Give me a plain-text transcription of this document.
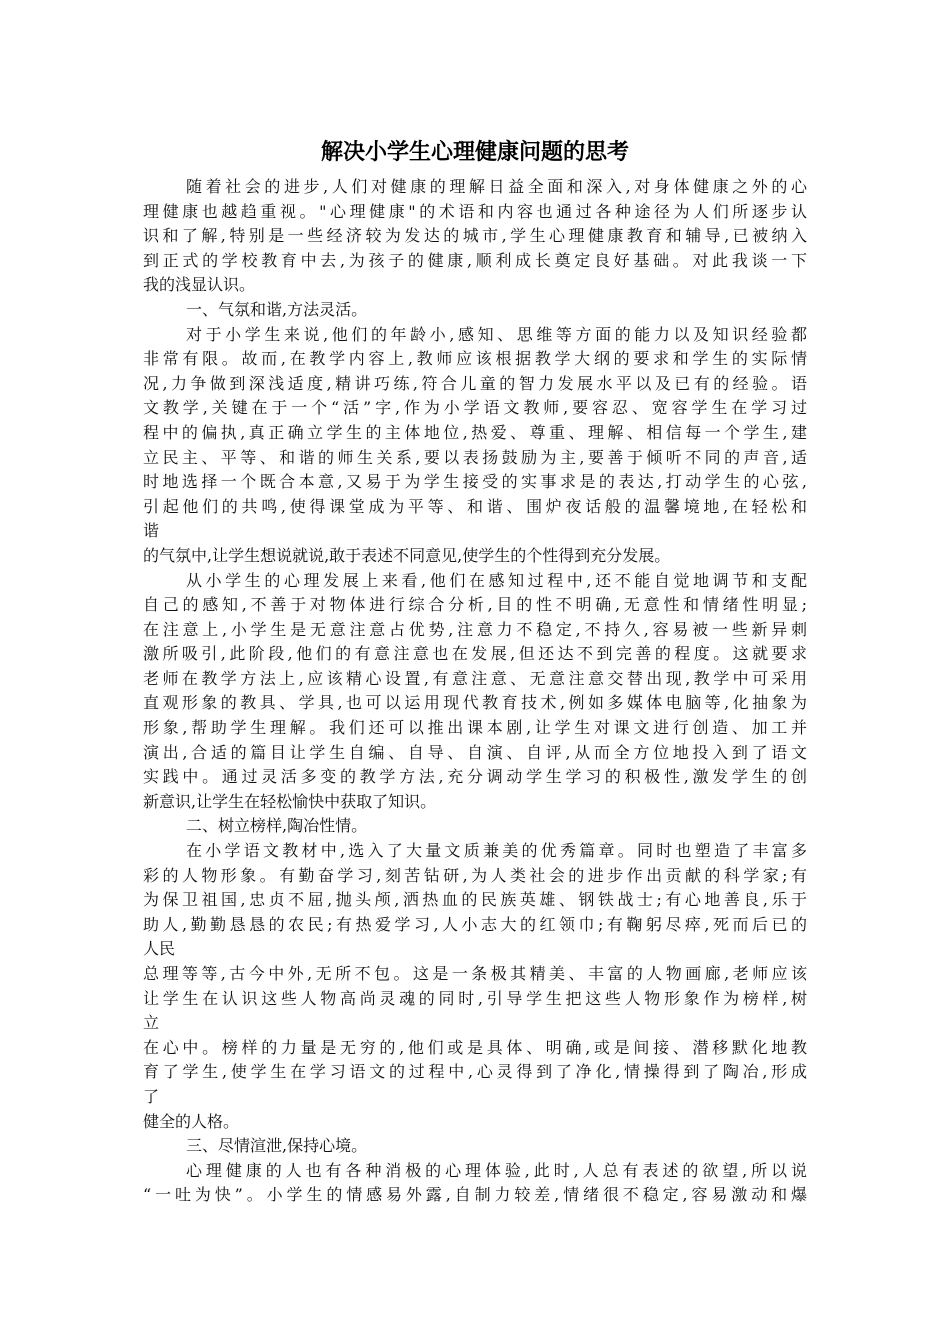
解决小学生心理健康问题的思考
随着社会的进步,人们对健康的理解日益全面和深入,对身体健康之外的心
理健康也越趋重视。"心理健康"的术语和内容也通过各种途径为人们所逐步认
识和了解,特别是一些经济较为发达的城市,学生心理健康教育和辅导,已被纳入
到正式的学校教育中去,为孩子的健康,顺利成长奠定良好基础。对此我谈一下
我的浅显认识。
一、气氛和谐,方法灵活。
对于小学生来说,他们的年龄小,感知、思维等方面的能力以及知识经验都
非常有限。故而,在教学内容上,教师应该根据教学大纲的要求和学生的实际情
况,力争做到深浅适度,精讲巧练,符合儿童的智力发展水平以及已有的经验。语
文教学,关键在于一个“活”字,作为小学语文教师,要容忍、宽容学生在学习过
程中的偏执,真正确立学生的主体地位,热爱、尊重、理解、相信每一个学生,建
立民主、平等、和谐的师生关系,要以表扬鼓励为主,要善于倾听不同的声音,适
时地选择一个既合本意,又易于为学生接受的实事求是的表达,打动学生的心弦,
引起他们的共鸣,使得课堂成为平等、和谐、围炉夜话般的温馨境地,在轻松和
谐
的气氛中,让学生想说就说,敢于表述不同意见,使学生的个性得到充分发展。
从小学生的心理发展上来看,他们在感知过程中,还不能自觉地调节和支配
自己的感知,不善于对物体进行综合分析,目的性不明确,无意性和情绪性明显;
在注意上,小学生是无意注意占优势,注意力不稳定,不持久,容易被一些新异刺
激所吸引,此阶段,他们的有意注意也在发展,但还达不到完善的程度。这就要求
老师在教学方法上,应该精心设置,有意注意、无意注意交替出现,教学中可采用
直观形象的教具、学具,也可以运用现代教育技术,例如多媒体电脑等,化抽象为
形象,帮助学生理解。我们还可以推出课本剧,让学生对课文进行创造、加工并
演出,合适的篇目让学生自编、自导、自演、自评,从而全方位地投入到了语文
实践中。通过灵活多变的教学方法,充分调动学生学习的积极性,激发学生的创
新意识,让学生在轻松愉快中获取了知识。
二、树立榜样,陶冶性情。
在小学语文教材中,选入了大量文质兼美的优秀篇章。同时也塑造了丰富多
彩的人物形象。有勤奋学习,刻苦钻研,为人类社会的进步作出贡献的科学家;有
为保卫祖国,忠贞不屈,抛头颅,洒热血的民族英雄、钢铁战士;有心地善良,乐于
助人,勤勤恳恳的农民;有热爱学习,人小志大的红领巾;有鞠躬尽瘁,死而后已的
人民
总理等等,古今中外,无所不包。这是一条极其精美、丰富的人物画廊,老师应该
让学生在认识这些人物高尚灵魂的同时,引导学生把这些人物形象作为榜样,树
立
在心中。榜样的力量是无穷的,他们或是具体、明确,或是间接、潜移默化地教
育了学生,使学生在学习语文的过程中,心灵得到了净化,情操得到了陶冶,形成
了
健全的人格。
三、尽情渲泄,保持心境。
心理健康的人也有各种消极的心理体验,此时,人总有表述的欲望,所以说
“一吐为快”。小学生的情感易外露,自制力较差,情绪很不稳定,容易激动和爆
